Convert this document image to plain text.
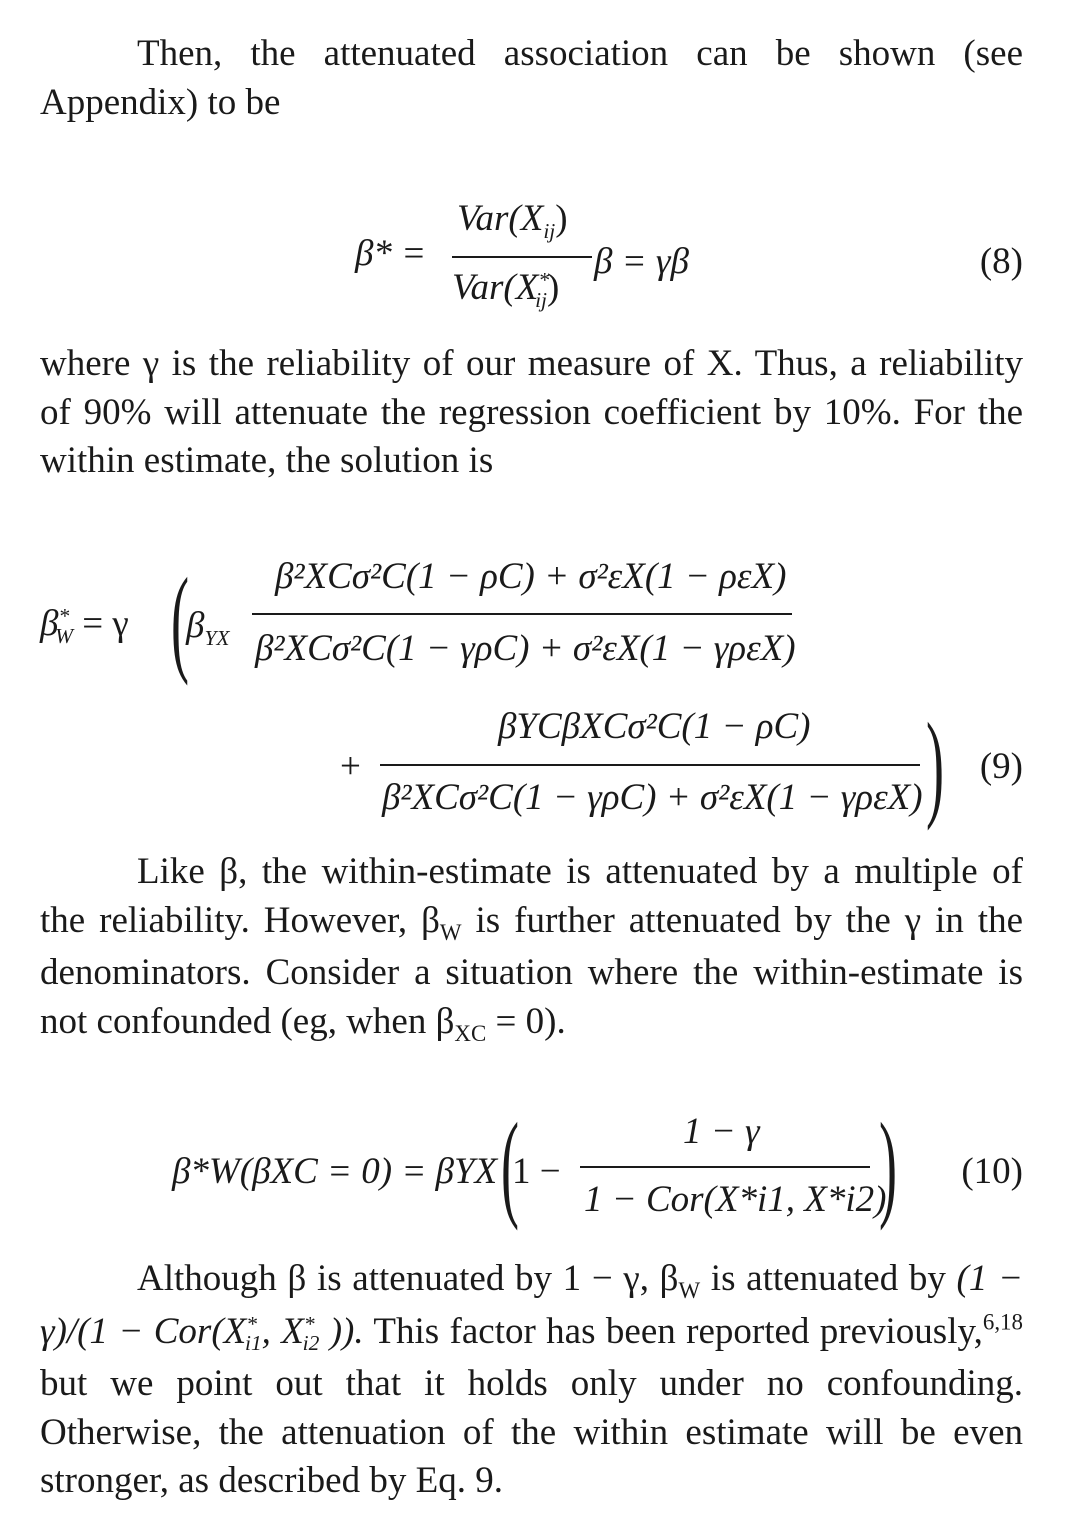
Then, the attenuated association can be shown (see Appendix) to be

β* =
$Var(X_{ij})$
$Var(X^*_{ij})$
β = γβ	(8)

where γ is the reliability of our measure of X. Thus, a reliability of 90% will attenuate the regression coefficient by 10%. For the within estimate, the solution is

$\beta^*_W = \gamma$ (
$\beta_{YX}$
β²XCσ²C(1 − ρC) + σ²εX(1 − ρεX)
β²XCσ²C(1 − γρC) + σ²εX(1 − γρεX)
+
βYCβXCσ²C(1 − ρC)
β²XCσ²C(1 − γρC) + σ²εX(1 − γρεX) ) (9)

Like β, the within-estimate is attenuated by a multiple of the reliability. However, $\beta_W$ is further attenuated by the γ in the denominators. Consider a situation where the within-estimate is not confounded (eg, when $\beta_{XC} = 0$).

β*W(βXC = 0) = βYX (
1 −
1 − γ
1 − Cor(X*i1, X*i2)
) (10)

Although β is attenuated by 1 − γ, $\beta_W$ is attenuated by $(1 - \gamma)/(1 - Cor(X^*_{i1}$, $X^*_{i2}$ )). This factor has been reported previously,$^{6,18}$ but we point out that it holds only under no confounding. Otherwise, the attenuation of the within estimate will be even stronger, as described by Eq. 9.
